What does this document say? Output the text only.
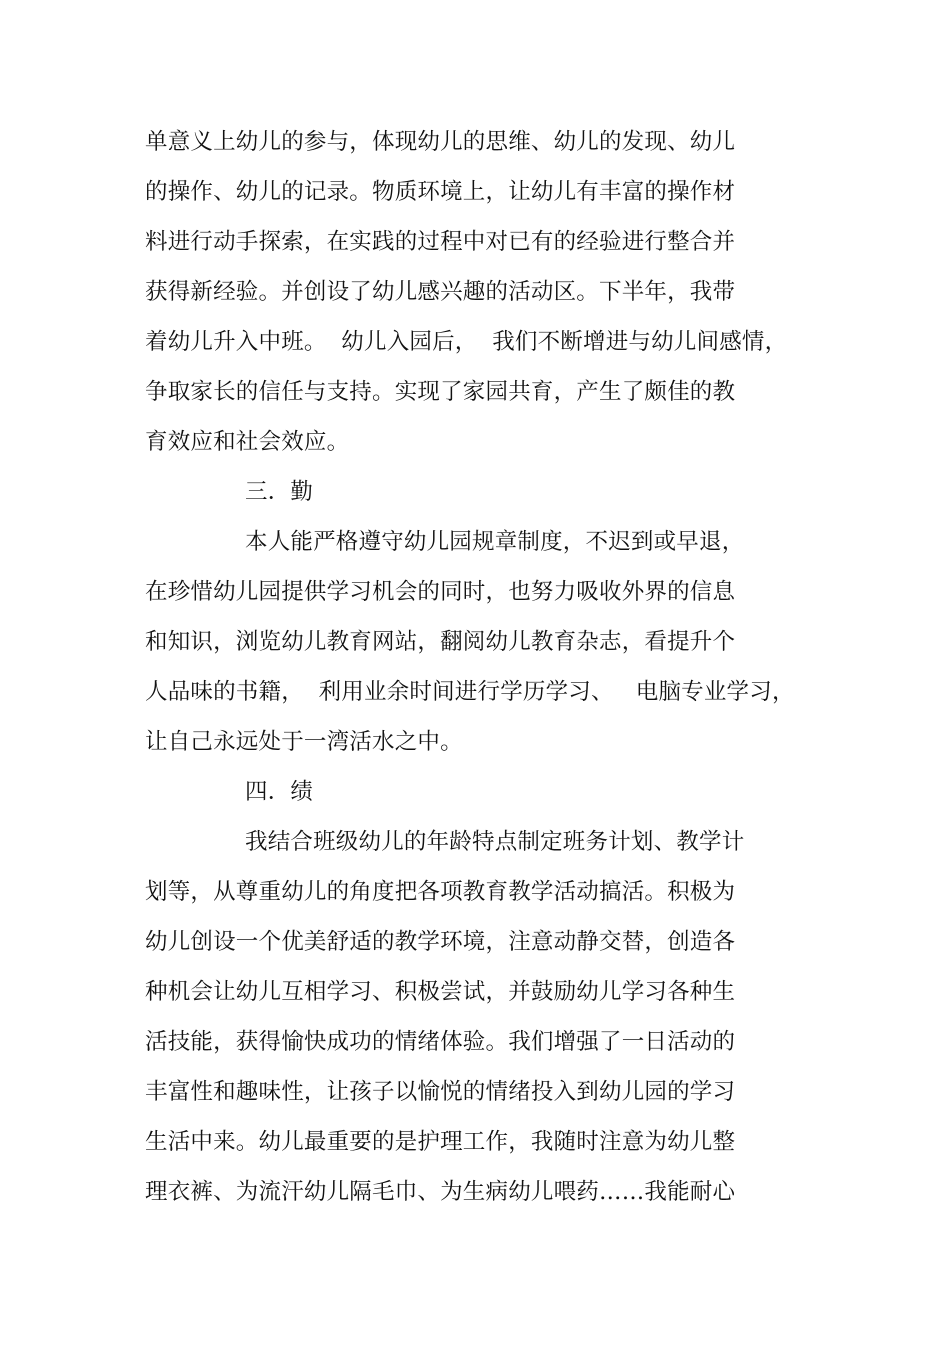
单意义上幼儿的参与，体现幼儿的思维、幼儿的发现、幼儿
的操作、幼儿的记录。物质环境上，让幼儿有丰富的操作材
料进行动手探索，在实践的过程中对已有的经验进行整合并
获得新经验。并创设了幼儿感兴趣的活动区。下半年，我带
着幼儿升入中班。  幼儿入园后，  我们不断增进与幼儿间感情，
争取家长的信任与支持。实现了家园共育，产生了颇佳的教
育效应和社会效应。
三．勤
本人能严格遵守幼儿园规章制度，不迟到或早退，
在珍惜幼儿园提供学习机会的同时，也努力吸收外界的信息
和知识，浏览幼儿教育网站，翻阅幼儿教育杂志，看提升个
人品味的书籍，  利用业余时间进行学历学习、   电脑专业学习，
让自己永远处于一湾活水之中。
四．绩
我结合班级幼儿的年龄特点制定班务计划、教学计
划等，从尊重幼儿的角度把各项教育教学活动搞活。积极为
幼儿创设一个优美舒适的教学环境，注意动静交替，创造各
种机会让幼儿互相学习、积极尝试，并鼓励幼儿学习各种生
活技能，获得愉快成功的情绪体验。我们增强了一日活动的
丰富性和趣味性，让孩子以愉悦的情绪投入到幼儿园的学习
生活中来。幼儿最重要的是护理工作，我随时注意为幼儿整
理衣裤、为流汗幼儿隔毛巾、为生病幼儿喂药……我能耐心
